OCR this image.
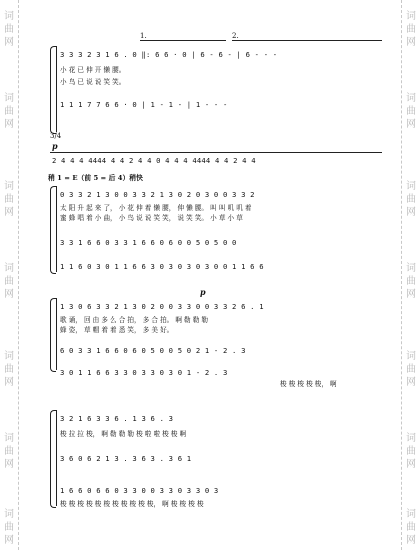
词
曲
网
词
曲
网
词
曲
网
词
曲
网
词
曲
网
词
曲
网
词
曲
网
词
曲
网
词
曲
网
词
曲
网
词
曲
网
词
曲
网
词
曲
网
词
曲
网
1.	2.
3 3 3 2 3 1 6 . 0 ‖: 6 6 · 0 | 6 - 6 - | 6 - - -
小 花 已 伸 开 懒 腰。
小 鸟 已 说 说 笑 笑。
1 1 1 7 7 6 6 · 0 | 1 - 1 - | 1 - - -
3/4
p
2 4 4 4 4444 4 4 2 4 4 0 4 4 4 4444 4 4 2 4 4
稍 1 = E（前 5 = 后 4）稍快
0 3 3 2 1 3 0 0 3 3 2 1 3 0 2 0 3 0 0 3 3 2
太 阳 升 起 来 了， 小 花 伸 着 懒 腰， 伸 懒 腰。 叫 叫 叽 叽 着
蜜 蜂 唱 着 小 曲， 小 鸟 说 说 笑 笑， 说 笑 笑。 小 草 小 草
3 3 1 6 6 0 3 3 1 6 6 0 6 0 0 5 0 5 0 0
1 1 6 0 3 0 1 1 6 6 3 0 3 0 3 0 3 0 0 1 1 6 6
p
1 3 0 6 3 3 2 1 3 0 2 0 0 3 3 0 0 3 3 2 6 . 1
歌 诵， 回 由 多 么 合 拍， 多 合 拍。 啊 勒 勒 勒
蜂 姿， 草 帽 着 着 悉 笑， 多 美 好。
6 0 3 3 1 6 6 0 6 0 5 0 0 5 0 2 1 - 2 . 3
3 0 1 1 6 6 3 3 0 3 3 0 3 0 1 - 2 . 3
梭 梭 梭 梭 梭， 啊
3 2 1 6 3 3 6 . 1 3 6 . 3
梭 拉 拉 梭， 啊 勒 勒 勒 梭 啦 啦 梭 梭 啊
3 6 0 6 2 1 3 . 3 6 3 . 3 6 1
1 6 6 0 6 6 0 3 3 0 0 3 3 0 3 3 0 3
梭 梭 梭 梭 梭 梭 梭 梭 梭 梭 梭， 啊 梭 梭 梭 梭
